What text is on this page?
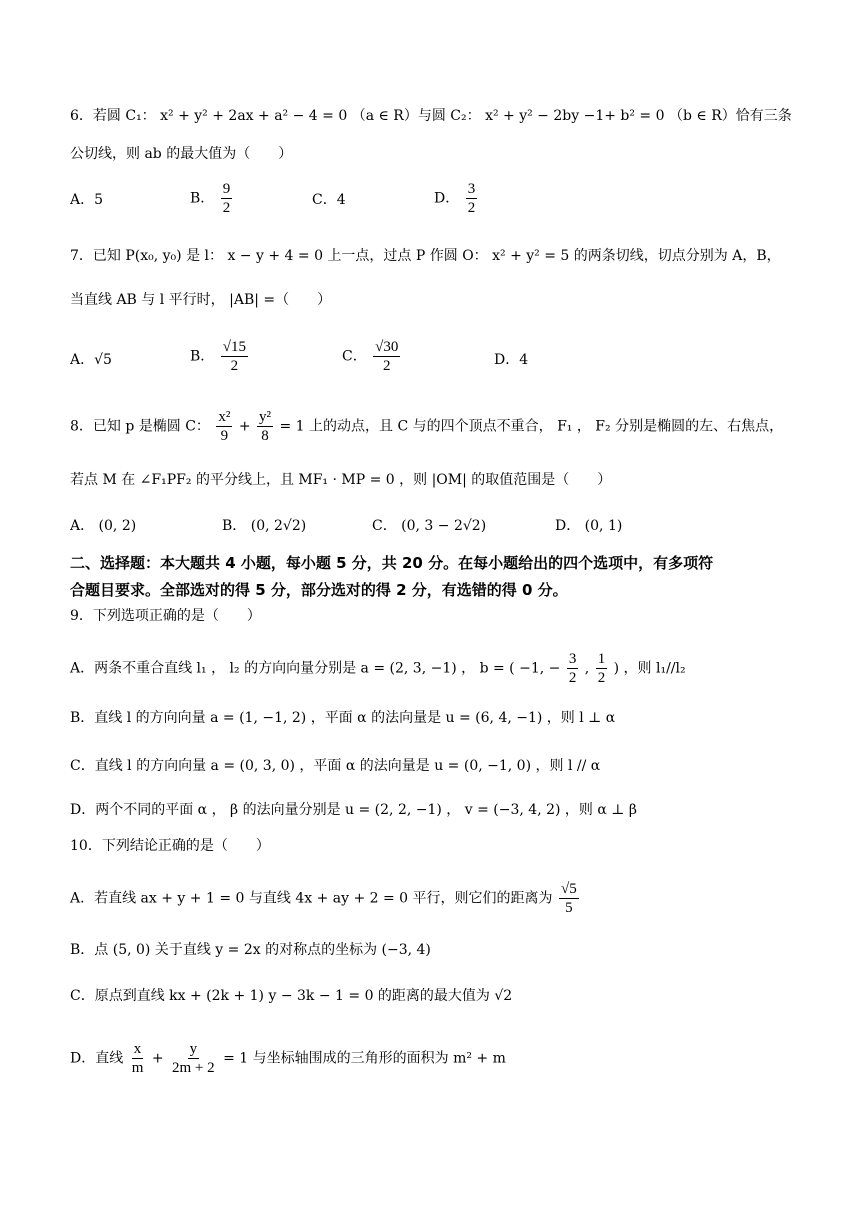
6．若圆 C₁： x² + y² + 2ax + a² − 4 = 0 （a ∈ R）与圆 C₂： x² + y² − 2by −1+ b² = 0 （b ∈ R）恰有三条
公切线，则 ab 的最大值为（　　）
A．5	B． $\frac{9}{2}$	C．4	D． $\frac{3}{2}$
7．已知 P(x₀, y₀) 是 l： x − y + 4 = 0 上一点，过点 P 作圆 O： x² + y² = 5 的两条切线，切点分别为 A，B，
当直线 AB 与 l 平行时， |AB| =（　　）
A．√5	B． $\frac{√15}{2}$	C． $\frac{√30}{2}$	D．4
8．已知 p 是椭圆 C： $\frac{\text{x²}}{9} + \frac{\text{y²}}{8} = 1$ 上的动点，且 C 与的四个顶点不重合， F₁ ， F₂ 分别是椭圆的左、右焦点，
若点 M 在 ∠F₁PF₂ 的平分线上，且 MF₁ · MP = 0 ，则 |OM| 的取值范围是（　　）
A． (0, 2)	B． (0, 2√2)	C． (0, 3 − 2√2)	D． (0, 1)
二、选择题：本大题共 4 小题，每小题 5 分，共 20 分。在每小题给出的四个选项中，有多项符
合题目要求。全部选对的得 5 分，部分选对的得 2 分，有选错的得 0 分。
9．下列选项正确的是（　　）
A．两条不重合直线 l₁ ， l₂ 的方向向量分别是 a = (2, 3, −1) ， b = ( −1, − $\frac{3}{2}$ , $\frac{1}{2}$ ) ，则 l₁//l₂
B．直线 l 的方向向量 a = (1, −1, 2) ，平面 α 的法向量是 u = (6, 4, −1) ，则 l ⊥ α
C．直线 l 的方向向量 a = (0, 3, 0) ，平面 α 的法向量是 u = (0, −1, 0) ，则 l // α
D．两个不同的平面 α ， β 的法向量分别是 u = (2, 2, −1) ， v = (−3, 4, 2) ，则 α ⊥ β
10．下列结论正确的是（　　）
A．若直线 ax + y + 1 = 0 与直线 4x + ay + 2 = 0 平行，则它们的距离为 $\frac{√5}{5}$
B．点 (5, 0) 关于直线 y = 2x 的对称点的坐标为 (−3, 4)
C．原点到直线 kx + (2k + 1) y − 3k − 1 = 0 的距离的最大值为 √2
D．直线 $\frac{x}{m} + \frac{y}{2m + 2} = 1$ 与坐标轴围成的三角形的面积为 m² + m
